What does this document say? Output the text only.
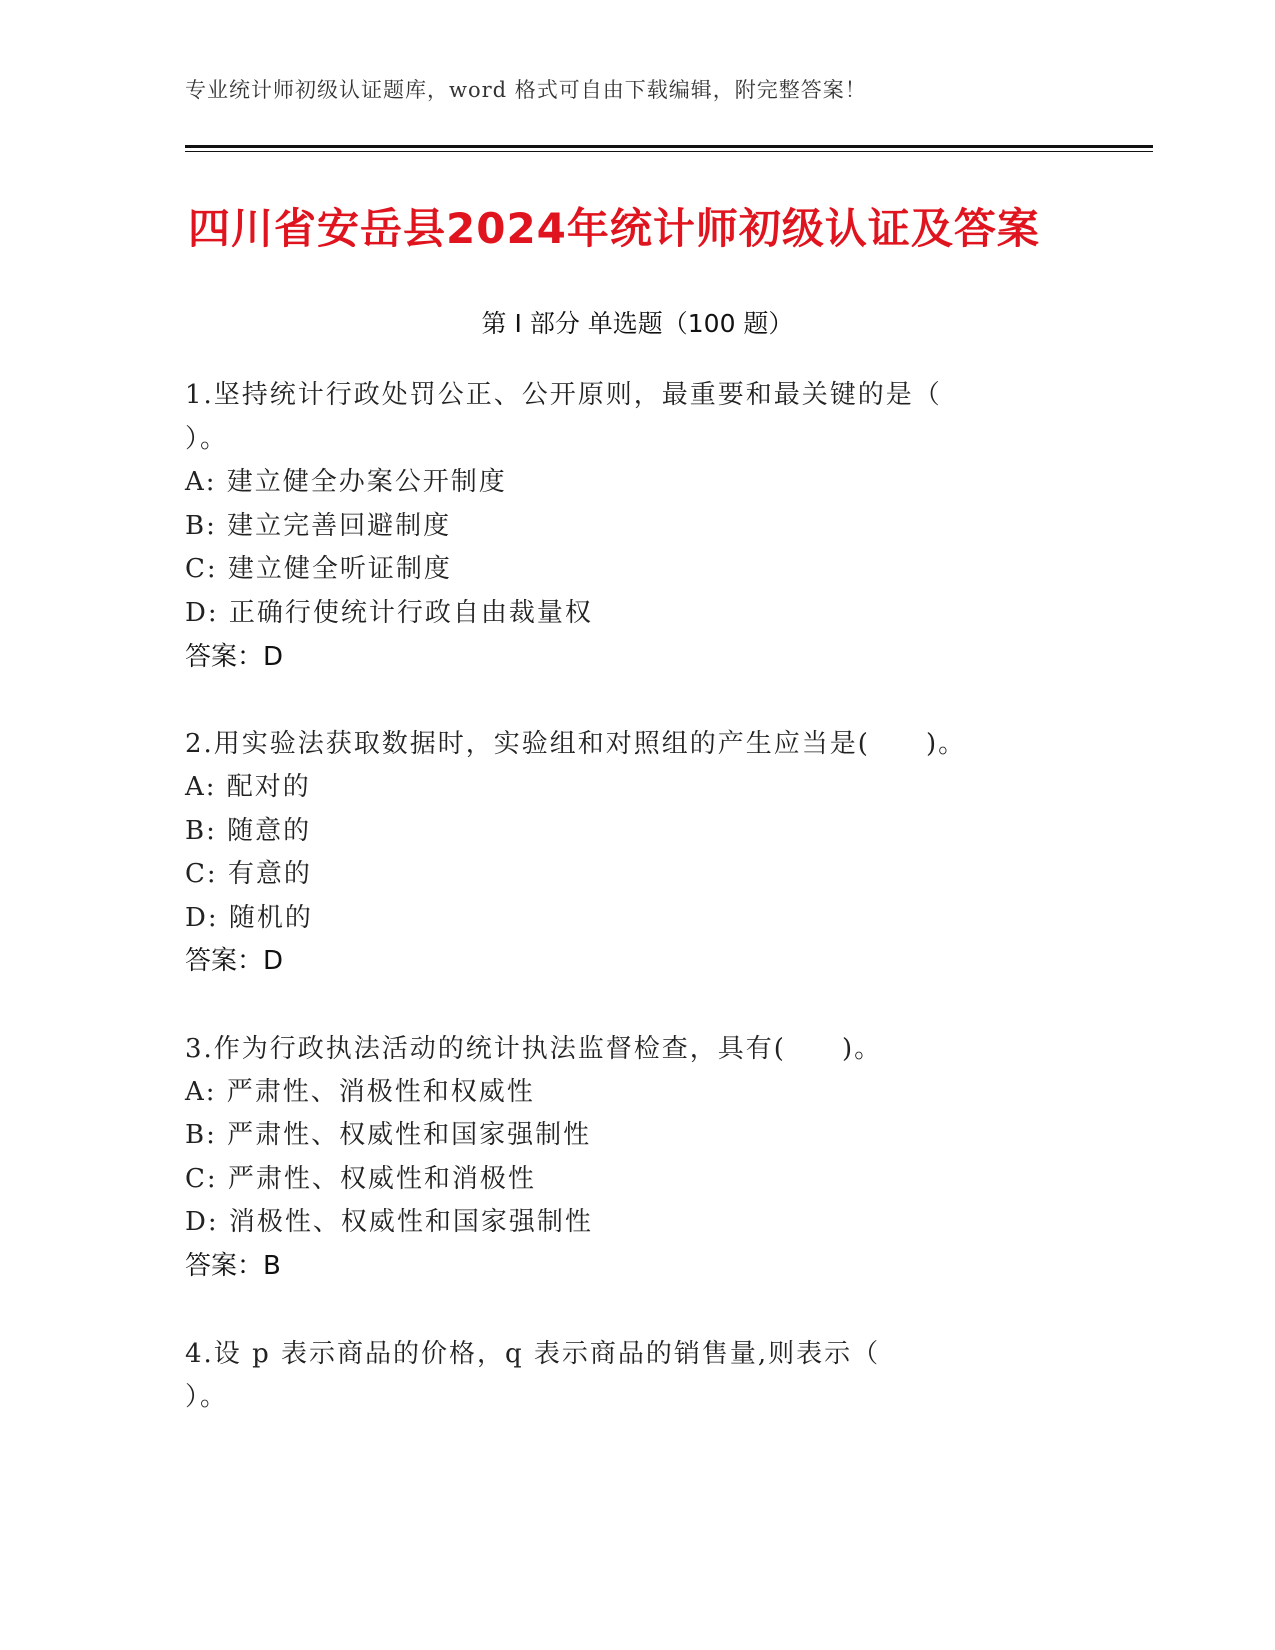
专业统计师初级认证题库，word 格式可自由下载编辑，附完整答案！
四川省安岳县2024年统计师初级认证及答案
第 I 部分 单选题（100 题）
1.坚持统计行政处罚公正、公开原则，最重要和最关键的是（
）。
A: 建立健全办案公开制度
B: 建立完善回避制度
C: 建立健全听证制度
D: 正确行使统计行政自由裁量权
答案：D
2.用实验法获取数据时，实验组和对照组的产生应当是(　　)。
A: 配对的
B: 随意的
C: 有意的
D: 随机的
答案：D
3.作为行政执法活动的统计执法监督检查，具有(　　)。
A: 严肃性、消极性和权威性
B: 严肃性、权威性和国家强制性
C: 严肃性、权威性和消极性
D: 消极性、权威性和国家强制性
答案：B
4.设 p 表示商品的价格，q 表示商品的销售量,则表示（
）。
